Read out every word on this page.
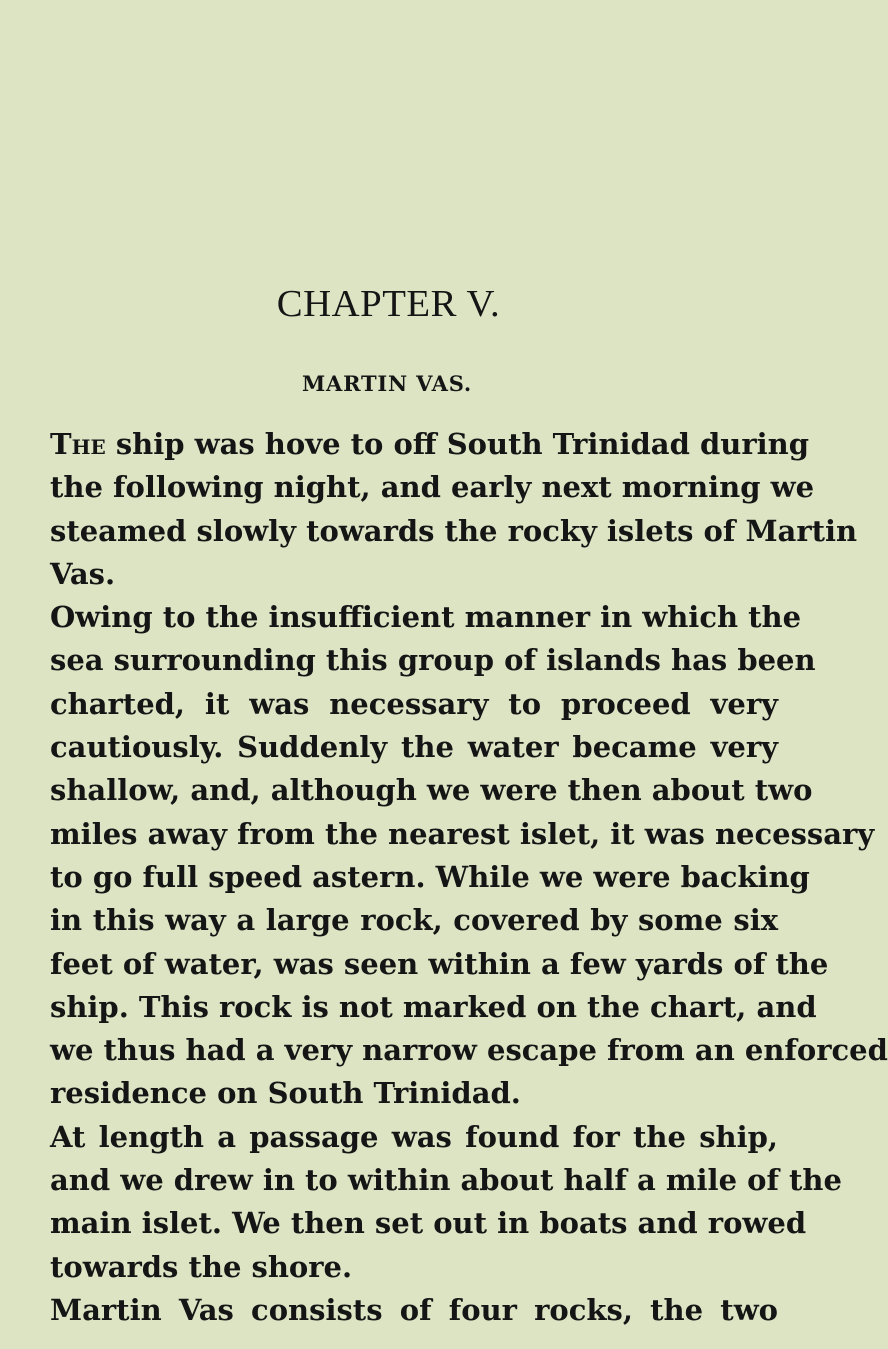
CHAPTER V.
MARTIN VAS.
The ship was hove to off South Trinidad during
the following night, and early next morning we
steamed slowly towards the rocky islets of Martin
Vas.
Owing to the insufficient manner in which the
sea surrounding this group of islands has been
charted, it was necessary to proceed very
cautiously. Suddenly the water became very
shallow, and, although we were then about two
miles away from the nearest islet, it was necessary
to go full speed astern. While we were backing
in this way a large rock, covered by some six
feet of water, was seen within a few yards of the
ship. This rock is not marked on the chart, and
we thus had a very narrow escape from an enforced
residence on South Trinidad.
At length a passage was found for the ship,
and we drew in to within about half a mile of the
main islet. We then set out in boats and rowed
towards the shore.
Martin Vas consists of four rocks, the two
